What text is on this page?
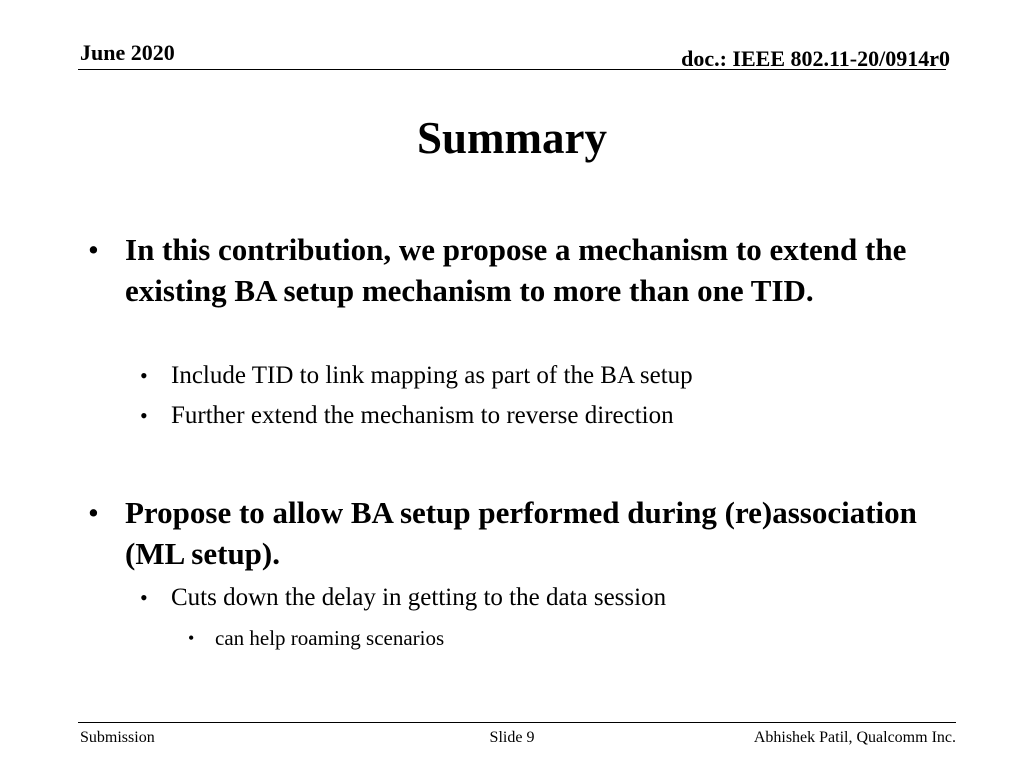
June 2020	doc.: IEEE 802.11-20/0914r0
Summary
• In this contribution, we propose a mechanism to extend the existing BA setup mechanism to more than one TID.
• Include TID to link mapping as part of the BA setup
• Further extend the mechanism to reverse direction
• Propose to allow BA setup performed during (re)association (ML setup).
• Cuts down the delay in getting to the data session
• can help roaming scenarios
Submission	Slide 9	Abhishek Patil, Qualcomm Inc.
